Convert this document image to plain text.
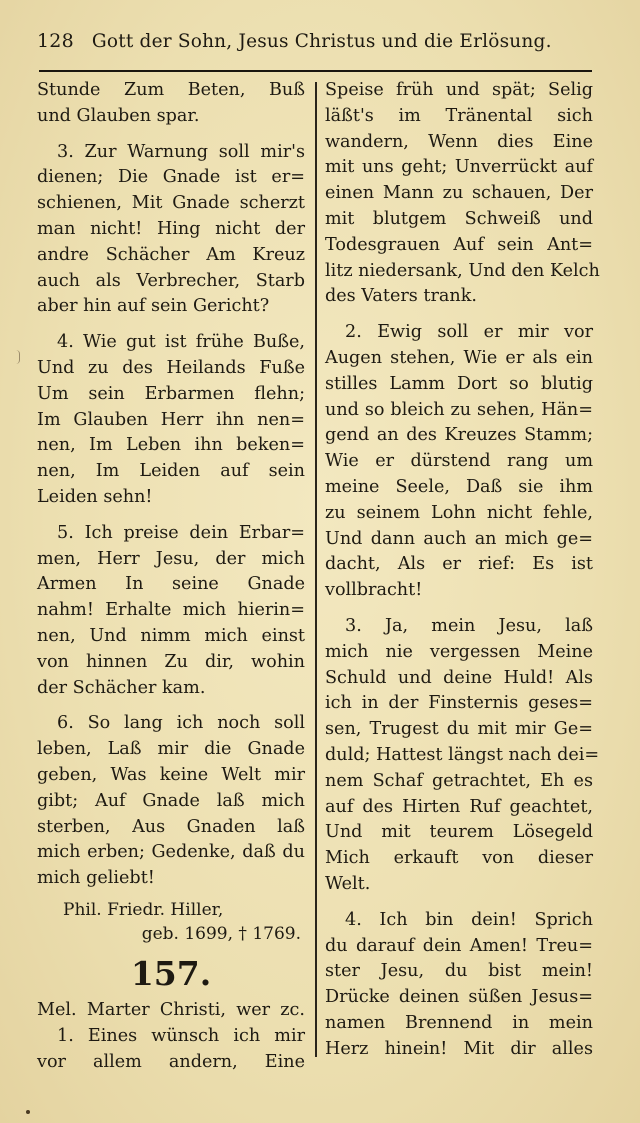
128 Gott der Sohn, Jesus Christus und die Erlösung.
Stunde Zum Beten, Buß
und Glauben spar.
3. Zur Warnung soll mir's
dienen; Die Gnade ist er=
schienen, Mit Gnade scherzt
man nicht! Hing nicht der
andre Schächer Am Kreuz
auch als Verbrecher, Starb
aber hin auf sein Gericht?
4. Wie gut ist frühe Buße,
Und zu des Heilands Fuße
Um sein Erbarmen flehn;
Im Glauben Herr ihn nen=
nen, Im Leben ihn beken=
nen, Im Leiden auf sein
Leiden sehn!
5. Ich preise dein Erbar=
men, Herr Jesu, der mich
Armen In seine Gnade
nahm! Erhalte mich hierin=
nen, Und nimm mich einst
von hinnen Zu dir, wohin
der Schächer kam.
6. So lang ich noch soll
leben, Laß mir die Gnade
geben, Was keine Welt mir
gibt; Auf Gnade laß mich
sterben, Aus Gnaden laß
mich erben; Gedenke, daß du
mich geliebt!
Phil. Friedr. Hiller,
geb. 1699, † 1769.
157.
Mel. Marter Christi, wer zc.
1. Eines wünsch ich mir
vor allem andern, Eine
Speise früh und spät; Selig
läßt's im Tränental sich
wandern, Wenn dies Eine
mit uns geht; Unverrückt auf
einen Mann zu schauen, Der
mit blutgem Schweiß und
Todesgrauen Auf sein Ant=
litz niedersank, Und den Kelch
des Vaters trank.
2. Ewig soll er mir vor
Augen stehen, Wie er als ein
stilles Lamm Dort so blutig
und so bleich zu sehen, Hän=
gend an des Kreuzes Stamm;
Wie er dürstend rang um
meine Seele, Daß sie ihm
zu seinem Lohn nicht fehle,
Und dann auch an mich ge=
dacht, Als er rief: Es ist
vollbracht!
3. Ja, mein Jesu, laß
mich nie vergessen Meine
Schuld und deine Huld! Als
ich in der Finsternis geses=
sen, Trugest du mit mir Ge=
duld; Hattest längst nach dei=
nem Schaf getrachtet, Eh es
auf des Hirten Ruf geachtet,
Und mit teurem Lösegeld
Mich erkauft von dieser
Welt.
4. Ich bin dein! Sprich
du darauf dein Amen! Treu=
ster Jesu, du bist mein!
Drücke deinen süßen Jesus=
namen Brennend in mein
Herz hinein! Mit dir alles
